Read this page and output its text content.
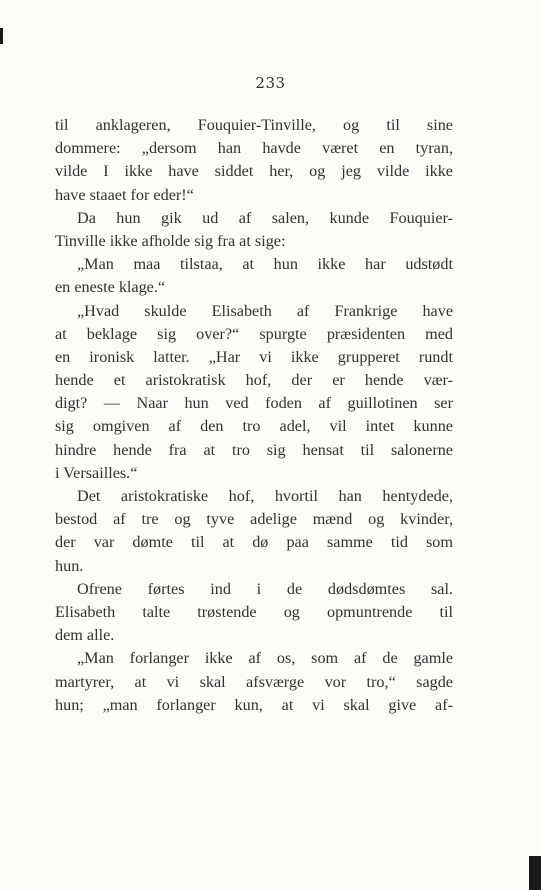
233
til anklageren, Fouquier-Tinville, og til sine
dommere: „dersom han havde været en tyran,
vilde I ikke have siddet her, og jeg vilde ikke
have staaet for eder!“
Da hun gik ud af salen, kunde Fouquier-
Tinville ikke afholde sig fra at sige:
„Man maa tilstaa, at hun ikke har udstødt
en eneste klage.“
„Hvad skulde Elisabeth af Frankrige have
at beklage sig over?“ spurgte præsidenten med
en ironisk latter. „Har vi ikke grupperet rundt
hende et aristokratisk hof, der er hende vær-
digt? — Naar hun ved foden af guillotinen ser
sig omgiven af den tro adel, vil intet kunne
hindre hende fra at tro sig hensat til salonerne
i Versailles.“
Det aristokratiske hof, hvortil han hentydede,
bestod af tre og tyve adelige mænd og kvinder,
der var dømte til at dø paa samme tid som
hun.
Ofrene førtes ind i de dødsdømtes sal.
Elisabeth talte trøstende og opmuntrende til
dem alle.
„Man forlanger ikke af os, som af de gamle
martyrer, at vi skal afsværge vor tro,“ sagde
hun; „man forlanger kun, at vi skal give af-
